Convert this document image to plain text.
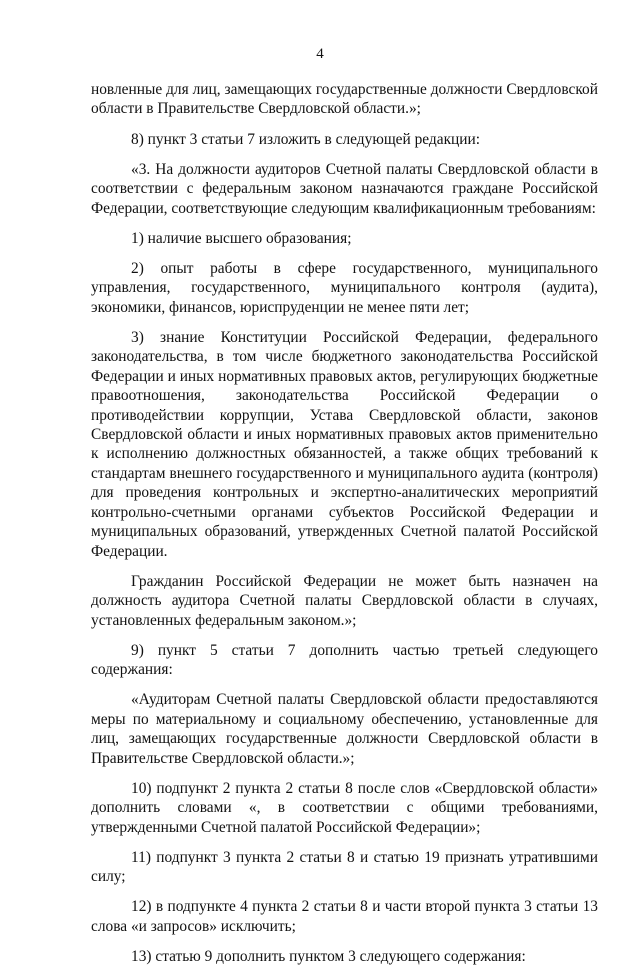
4

новленные для лиц, замещающих государственные должности Свердловской области в Правительстве Свердловской области.»;

8) пункт 3 статьи 7 изложить в следующей редакции:

«3. На должности аудиторов Счетной палаты Свердловской области в соответствии с федеральным законом назначаются граждане Российской Федерации, соответствующие следующим квалификационным требованиям:

1) наличие высшего образования;

2) опыт работы в сфере государственного, муниципального управления, государственного, муниципального контроля (аудита), экономики, финансов, юриспруденции не менее пяти лет;

3) знание Конституции Российской Федерации, федерального законодательства, в том числе бюджетного законодательства Российской Федерации и иных нормативных правовых актов, регулирующих бюджетные правоотношения, законодательства Российской Федерации о противодействии коррупции, Устава Свердловской области, законов Свердловской области и иных нормативных правовых актов применительно к исполнению должностных обязанностей, а также общих требований к стандартам внешнего государственного и муниципального аудита (контроля) для проведения контрольных и экспертно-аналитических мероприятий контрольно-счетными органами субъектов Российской Федерации и муниципальных образований, утвержденных Счетной палатой Российской Федерации.

Гражданин Российской Федерации не может быть назначен на должность аудитора Счетной палаты Свердловской области в случаях, установленных федеральным законом.»;

9) пункт 5 статьи 7 дополнить частью третьей следующего содержания:

«Аудиторам Счетной палаты Свердловской области предоставляются меры по материальному и социальному обеспечению, установленные для лиц, замещающих государственные должности Свердловской области в Правительстве Свердловской области.»;

10) подпункт 2 пункта 2 статьи 8 после слов «Свердловской области» дополнить словами «, в соответствии с общими требованиями, утвержденными Счетной палатой Российской Федерации»;

11) подпункт 3 пункта 2 статьи 8 и статью 19 признать утратившими силу;

12) в подпункте 4 пункта 2 статьи 8 и части второй пункта 3 статьи 13 слова «и запросов» исключить;

13) статью 9 дополнить пунктом 3 следующего содержания:
